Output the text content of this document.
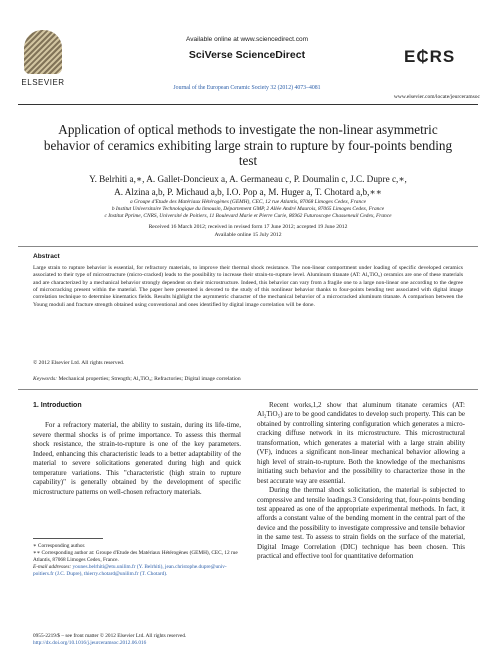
ELSEVIER
Available online at www.sciencedirect.com
SciVerse ScienceDirect
Journal of the European Ceramic Society 32 (2012) 4073–4081
E₵RS
www.elsevier.com/locate/jeurceramsoc
Application of optical methods to investigate the non-linear asymmetric behavior of ceramics exhibiting large strain to rupture by four-points bending test
Y. Belrhiti a,∗, A. Gallet-Doncieux a, A. Germaneau c, P. Doumalin c, J.C. Dupre c,∗,
A. Alzina a,b, P. Michaud a,b, I.O. Pop a, M. Huger a, T. Chotard a,b,∗∗
a Groupe d'Etude des Matériaux Hétérogènes (GEMH), CEC, 12 rue Atlantis, 87068 Limoges Cedex, France
b Institut Universitaire Technologique du limousin, Département GMP, 2 Allée André Maurois, 87065 Limoges Cedex, France
c Institut Pprime, CNRS, Université de Poitiers, 11 Boulevard Marie et Pierre Curie, 86962 Futuroscope Chasseneuil Cedex, France
Received 16 March 2012; received in revised form 17 June 2012; accepted 19 June 2012
Available online 15 July 2012
Abstract
Large strain to rupture behavior is essential, for refractory materials, to improve their thermal shock resistance. The non-linear comportment under loading of specific developed ceramics associated to their type of microstructure (micro-cracked) leads to the possibility to increase their strain-to-rupture level. Aluminum titanate (AT: Al₂TiO₅) ceramics are one of these materials and are characterized by a mechanical behavior strongly dependent on their microstructure. Indeed, this behavior can vary from a fragile one to a large non-linear one according to the degree of microcracking present within the material. The paper here presented is devoted to the study of this nonlinear behavior thanks to four-points bending test associated with digital image correlation technique to determine kinematics fields. Results highlight the asymmetric character of the mechanical behavior of a microcracked aluminum titanate. A comparison between the Young moduli and fracture strength obtained using conventional and ones identified by digital image correlation will be done.
© 2012 Elsevier Ltd. All rights reserved.
Keywords: Mechanical properties; Strength; Al₂TiO₅; Refractories; Digital image correlation
1. Introduction

For a refractory material, the ability to sustain, during its life-time, severe thermal shocks is of prime importance. To assess this thermal shock resistance, the strain-to-rupture is one of the key parameters. Indeed, enhancing this characteristic leads to a better adaptability of the material to severe solicitations generated during high and quick temperature variations. This "characteristic (high strain to rupture capability)" is generally obtained by the development of specific microstructure patterns on well-chosen refractory materials.

Recent works,1,2 show that aluminum titanate ceramics (AT: Al₂TiO₅) are to be good candidates to develop such property. This can be obtained by controlling sintering configuration which generates a micro-cracking diffuse network in its microstructure. This microstructural transformation, which generates a material with a large strain ability (VF), induces a significant non-linear mechanical behavior allowing a high level of strain-to-rupture. Both the knowledge of the mechanisms initiating such behavior and the possibility to characterize those in the best accurate way are essential.

During the thermal shock solicitation, the material is subjected to compressive and tensile loadings.3 Considering that, four-points bending test appeared as one of the appropriate experimental methods. In fact, it affords a constant value of the bending moment in the central part of the device and the possibility to investigate compressive and tensile behavior in the same test. To assess to strain fields on the surface of the material, Digital Image Correlation (DIC) technique has been chosen. This practical and effective tool for quantitative deformation

∗ Corresponding author.
∗∗ Corresponding author at: Groupe d'Etude des Matériaux Hétérogènes (GEMH), CEC, 12 rue Atlantis, 87068 Limoges Cedex, France.
E-mail addresses: younes.belrhiti@etu.unilim.fr (Y. Belrhiti), jean.christophe.dupre@univ-poitiers.fr (J.C. Dupre), thierry.chotard@unilim.fr (T. Chotard).
0955-2219/$ – see front matter © 2012 Elsevier Ltd. All rights reserved.
http://dx.doi.org/10.1016/j.jeurceramsoc.2012.06.016
